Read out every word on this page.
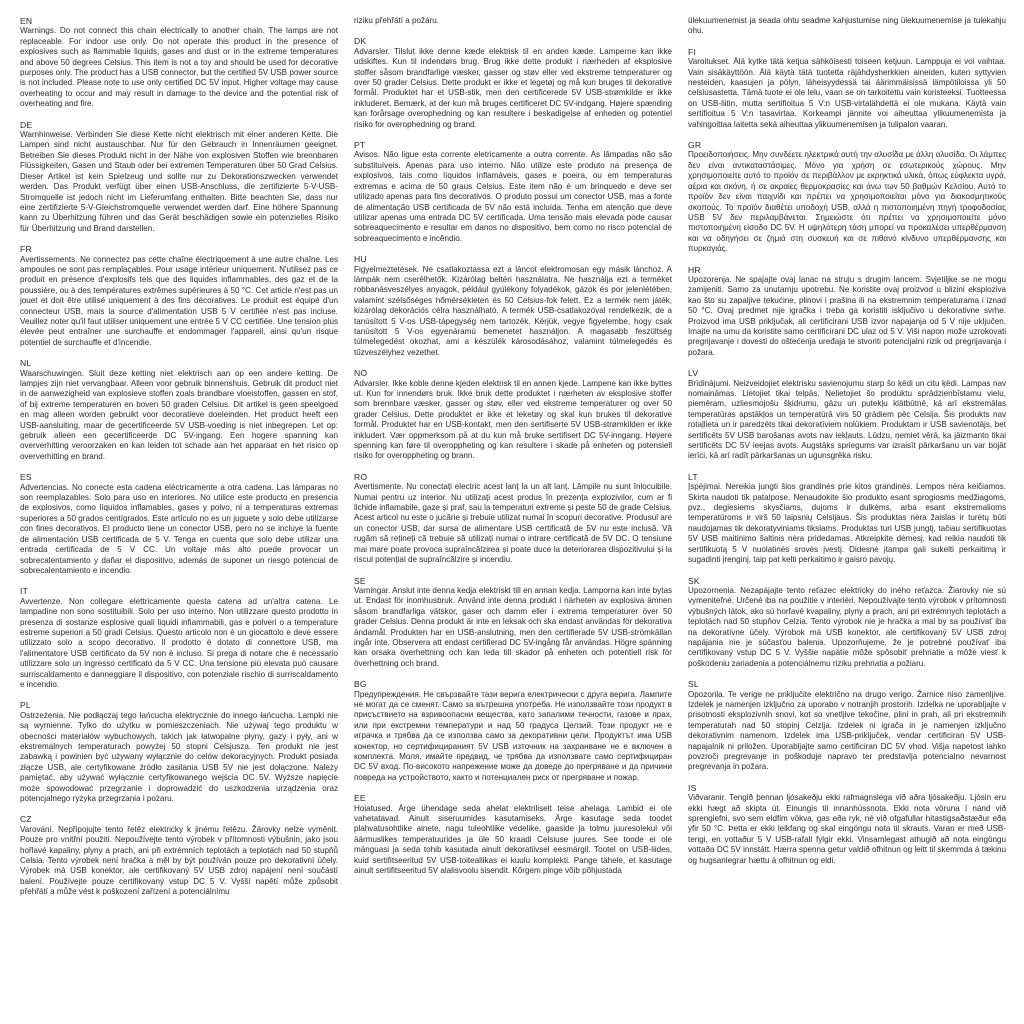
EN

Warnings. Do not connect this chain electrically to another chain. The lamps are not replaceable. For indoor use only. Do not operate this product in the presence of explosives such as flammable liquids, gases and dust or in the extreme temperatures and above 50 degrees Celsius. This item is not a toy and should be used for decorative purposes only. The product has a USB connector, but the certified 5V USB power source is not included. Please note to use only certified DC 5V input. Higher voltage may cause overheating to occur and may result in damage to the device and the potential risk of overheating and fire.

DE

Warnhinweise. Verbinden Sie diese Kette nicht elektrisch mit einer anderen Kette. Die Lampen sind nicht austauschbar. Nur für den Gebrauch in Innenräumen geeignet. Betreiben Sie dieses Produkt nicht in der Nähe von explosiven Stoffen wie brennbaren Flüssigkeiten, Gasen und Staub oder bei extremen Temperaturen über 50 Grad Celsius. Dieser Artikel ist kein Spielzeug und sollte nur zu Dekorationszwecken verwendet werden. Das Produkt verfügt über einen USB-Anschluss, die zertifizierte 5-V-USB-Stromquelle ist jedoch nicht im Lieferumfang enthalten. Bitte beachten Sie, dass nur eine zertifizierte 5-V-Gleichstromquelle verwendet werden darf. Eine höhere Spannung kann zu Überhitzung führen und das Gerät beschädigen sowie ein potenzielles Risiko für Überhitzung und Brand darstellen.

FR

Avertissements. Ne connectez pas cette chaîne électriquement à une autre chaîne. Les ampoules ne sont pas remplaçables. Pour usage intérieur uniquement. N'utilisez pas ce produit en présence d'explosifs tels que des liquides inflammables, des gaz et de la poussière, ou à des températures extrêmes supérieures à 50 °C. Cet article n'est pas un jouet et doit être utilisé uniquement à des fins décoratives. Le produit est équipé d'un connecteur USB, mais la source d'alimentation USB 5 V certifiée n'est pas incluse. Veuillez noter qu'il faut utiliser uniquement une entrée 5 V CC certifiée. Une tension plus élevée peut entraîner une surchauffe et endommager l'appareil, ainsi qu'un risque potentiel de surchauffe et d'incendie.

NL

Waarschuwingen. Sluit deze ketting niet elektrisch aan op een andere ketting. De lampjes zijn niet vervangbaar. Alleen voor gebruik binnenshuis. Gebruik dit product niet in de aanwezigheid van explosieve stoffen zoals brandbare vloeistoffen, gassen en stof, of bij extreme temperaturen en boven 50 graden Celsius. Dit artikel is geen speelgoed en mag alleen worden gebruikt voor decoratieve doeleinden. Het product heeft een USB-aansluiting, maar de gecertificeerde 5V USB-voeding is niet inbegrepen. Let op: gebruik alleen een gecertificeerde DC 5V-ingang. Een hogere spanning kan oververhitting veroorzaken en kan leiden tot schade aan het apparaat en het risico op oververhitting en brand.

ES

Advertencias. No conecte esta cadena eléctricamente a otra cadena. Las lámparas no son reemplazables. Solo para uso en interiores. No utilice este producto en presencia de explosivos, como líquidos inflamables, gases y polvo, ni a temperaturas extremas superiores a 50 grados centígrados. Este artículo no es un juguete y solo debe utilizarse con fines decorativos. El producto tiene un conector USB, pero no se incluye la fuente de alimentación USB certificada de 5 V. Tenga en cuenta que solo debe utilizar una entrada certificada de 5 V CC. Un voltaje más alto puede provocar un sobrecalentamiento y dañar el dispositivo, además de suponer un riesgo potencial de sobrecalentamiento e incendio.

IT

Avvertenze. Non collegare elettricamente questa catena ad un'altra catena. Le lampadine non sono sostituibili. Solo per uso interno. Non utilizzare questo prodotto in presenza di sostanze esplosive quali liquidi infiammabili, gas e polveri o a temperature estreme superiori a 50 gradi Celsius. Questo articolo non è un giocattolo e deve essere utilizzato solo a scopo decorativo. Il prodotto è dotato di connettore USB, ma l'alimentatore USB certificato da 5V non è incluso. Si prega di notare che è necessario utilizzare solo un ingresso certificato da 5 V CC. Una tensione più elevata può causare surriscaldamento e danneggiare il dispositivo, con potenziale rischio di surriscaldamento e incendio.

PL

Ostrzeżenia. Nie podłączaj tego łańcucha elektrycznie do innego łańcucha. Lampki nie są wymienne. Tylko do użytku w pomieszczeniach. Nie używaj tego produktu w obecności materiałów wybuchowych, takich jak łatwopalne płyny, gazy i pyły, ani w ekstremalnych temperaturach powyżej 50 stopni Celsjusza. Ten produkt nie jest zabawką i powinien być używany wyłącznie do celów dekoracyjnych. Produkt posiada złącze USB, ale certyfikowane źródło zasilania USB 5V nie jest dołączone. Należy pamiętać, aby używać wyłącznie certyfikowanego wejścia DC 5V. Wyższe napięcie może spowodować przegrzanie i doprowadzić do uszkodzenia urządzenia oraz potencjalnego ryzyka przegrzania i pożaru.

CZ

Varování. Nepřipojujte tento řetěz elektricky k jinému řetězu. Žárovky nelze vyměnit. Pouze pro vnitřní použití. Nepoužívejte tento výrobek v přítomnosti výbušnin, jako jsou hořlavé kapaliny, plyny a prach, ani při extrémních teplotách a teplotách nad 50 stupňů Celsia. Tento výrobek není hračka a měl by být používán pouze pro dekorativní účely. Výrobek má USB konektor, ale certifikovaný 5V USB zdroj napájení není součástí balení. Používejte pouze certifikovaný vstup DC 5 V. Vyšší napětí může způsobit přehřátí a může vést k poškození zařízení a potenciálnímu

riziku přehřátí a požáru.

DK

Advarsler. Tilslut ikke denne kæde elektrisk til en anden kæde. Lamperne kan ikke udskiftes. Kun til indendørs brug. Brug ikke dette produkt i nærheden af eksplosive stoffer såsom brandfarlige væsker, gasser og støv eller ved ekstreme temperaturer og over 50 grader Celsius. Dette produkt er ikke et legetøj og må kun bruges til dekorative formål. Produktet har et USB-stik, men den certificerede 5V USB-strømkilde er ikke inkluderet. Bemærk, at der kun må bruges certificeret DC 5V-indgang. Højere spænding kan forårsage overophedning og kan resultere i beskadigelse af enheden og potentiel risiko for overophedning og brand.

PT

Avisos. Não ligue esta corrente eletricamente a outra corrente. As lâmpadas não são substituíveis. Apenas para uso interno. Não utilize este produto na presença de explosivos, tais como líquidos inflamáveis, gases e poeira, ou em temperaturas extremas e acima de 50 graus Celsius. Este item não é um brinquedo e deve ser utilizado apenas para fins decorativos. O produto possui um conector USB, mas a fonte de alimentação USB certificada de 5V não está incluída. Tenha em atenção que deve utilizar apenas uma entrada DC 5V certificada. Uma tensão mais elevada pode causar sobreaquecimento e resultar em danos no dispositivo, bem como no risco potencial de sobreaquecimento e incêndio.

HU

Figyelmeztetések. Ne csatlakoztassa ezt a láncot elektromosan egy másik lánchoz. A lámpák nem cserélhetők. Kizárólag beltéri használatra. Ne használja ezt a terméket robbanásveszélyes anyagok, például gyúlékony folyadékok, gázok és por jelenlétében, valamint szélsőséges hőmérsékleten és 50 Celsius-fok felett. Ez a termék nem játék, kizárólag dekorációs célra használható. A termék USB-csatlakozóval rendelkezik, de a tanúsított 5 V-os USB-tápegység nem tartozék. Kérjük, vegye figyelembe, hogy csak tanúsított 5 V-os egyenáramú bemenetet használjon. A magasabb feszültség túlmelegedést okozhat, ami a készülék károsodásához, valamint túlmelegedés és tűzveszélyhez vezethet.

NO

Advarsler. Ikke koble denne kjeden elektrisk til en annen kjede. Lampene kan ikke byttes ut. Kun for innendørs bruk. Ikke bruk dette produktet i nærheten av eksplosive stoffer som brennbare væsker, gasser og støv, eller ved ekstreme temperaturer og over 50 grader Celsius. Dette produktet er ikke et leketøy og skal kun brukes til dekorative formål. Produktet har en USB-kontakt, men den sertifiserte 5V USB-strømkilden er ikke inkludert. Vær oppmerksom på at du kun må bruke sertifisert DC 5V-inngang. Høyere spenning kan føre til overoppheting og kan resultere i skade på enheten og potensiell risiko for overoppheting og brann.

RO

Avertismente. Nu conectați electric acest lanț la un alt lanț. Lămpile nu sunt înlocuibile. Numai pentru uz interior. Nu utilizați acest produs în prezența explozivilor, cum ar fi lichide inflamabile, gaze și praf, sau la temperaturi extreme și peste 50 de grade Celsius. Acest articol nu este o jucărie și trebuie utilizat numai în scopuri decorative. Produsul are un conector USB, dar sursa de alimentare USB certificată de 5V nu este inclusă. Vă rugăm să rețineți că trebuie să utilizați numai o intrare certificată de 5V DC. O tensiune mai mare poate provoca supraîncălzirea și poate duce la deteriorarea dispozitivului și la riscul potențial de supraîncălzire și incendiu.

SE

Varningar. Anslut inte denna kedja elektriskt till en annan kedja. Lamporna kan inte bytas ut. Endast för inomhusbruk. Använd inte denna produkt i närheten av explosiva ämnen såsom brandfarliga vätskor, gaser och damm eller i extrema temperaturer över 50 grader Celsius. Denna produkt är inte en leksak och ska endast användas för dekorativa ändamål. Produkten har en USB-anslutning, men den certifierade 5V USB-strömkällan ingår inte. Observera att endast certifierad DC 5V-ingång får användas. Högre spänning kan orsaka överhettning och kan leda till skador på enheten och potentiell risk för överhettning och brand.

BG

Предупреждения. Не свързвайте тази верига електрически с друга верига. Лампите не могат да се сменят. Само за вътрешна употреба. Не използвайте този продукт в присъствието на взривоопасни вещества, като запалими течности, газове и прах, или при екстремни температури и над 50 градуса Целзий. Този продукт не е играчка и трябва да се използва само за декоративни цели. Продуктът има USB конектор, но сертифицираният 5V USB източник на захранване не е включен в комплекта. Моля, имайте предвид, че трябва да използвате само сертифициран DC 5V вход. По-високото напрежение може да доведе до прегряване и да причини повреда на устройството, както и потенциален риск от прегряване и пожар.

EE

Hoiatused. Ärge ühendage seda ahelat elektriliselt teise ahelaga. Lambid ei ole vahetatavad. Ainult siseruumides kasutamiseks. Ärge kasutage seda toodet plahvatusohtlike ainete, nagu tuleohtlike vedelike, gaaside ja tolmu juuresolekul või äärmuslikes temperatuurides ja üle 50 kraadi Celsiuse juures. See toode ei ole mänguasi ja seda tohib kasutada ainult dekoratiivsel eesmärgil. Tootel on USB-liides, kuid sertifitseeritud 5V USB-toiteallikas ei kuulu komplekti. Pange tähele, et kasutage ainult sertifitseeritud 5V alalisvoolu sisendit. Kõrgem pinge võib põhjustada

ülekuumenemist ja seada ohtu seadme kahjustumise ning ülekuumenemise ja tulekahju ohu.

FI

Varoitukset. Älä kytke tätä ketjua sähköisesti toiseen ketjuun. Lamppuja ei voi vaihtaa. Vain sisäkäyttöön. Älä käytä tätä tuotetta räjähdysherkkien aineiden, kuten syttyvien nesteiden, kaasujen ja pölyn, läheisyydessä tai äärimmäisissä lämpötiloissa yli 50 celsiusastetta. Tämä tuote ei ole lelu, vaan se on tarkoitettu vain koristeeksi. Tuotteessa on USB-liitin, mutta sertifioitua 5 V:n USB-virtalähdettä ei ole mukana. Käytä vain sertifioitua 5 V:n tasavirtaa. Korkeampi jännite voi aiheuttaa ylikuumenemista ja vahingoittaa laitetta sekä aiheuttaa ylikuumenemisen ja tulipalon vaaran.

GR

Προειδοποιήσεις. Μην συνδέετε ηλεκτρικά αυτή την αλυσίδα με άλλη αλυσίδα. Οι λάμπες δεν είναι αντικαταστάσιμες. Μόνο για χρήση σε εσωτερικούς χώρους. Μην χρησιμοποιείτε αυτό το προϊόν σε περιβάλλον με εκρηκτικά υλικά, όπως εύφλεκτα υγρά, αέρια και σκόνη, ή σε ακραίες θερμοκρασίες και άνω των 50 βαθμών Κελσίου. Αυτό το προϊόν δεν είναι παιχνίδι και πρέπει να χρησιμοποιείται μόνο για διακοσμητικούς σκοπούς. Το προϊόν διαθέτει υποδοχή USB, αλλά η πιστοποιημένη πηγή τροφοδοσίας USB 5V δεν περιλαμβάνεται. Σημειώστε ότι πρέπει να χρησιμοποιείτε μόνο πιστοποιημένη είσοδο DC 5V. Η υψηλότερη τάση μπορεί να προκαλέσει υπερθέρμανση και να οδηγήσει σε ζημιά στη συσκευή και σε πιθανό κίνδυνο υπερθέρμανσης και πυρκαγιάς.

HR

Upozorenja. Ne spajajte ovaj lanac na struju s drugim lancem. Svjetiljke se ne mogu zamijeniti. Samo za unutarnju upotrebu. Ne koristite ovaj proizvod u blizini eksploziva kao što su zapaljive tekućine, plinovi i prašina ili na ekstremnim temperaturama i iznad 50 °C. Ovaj predmet nije igračka i treba ga koristiti isključivo u dekorativne svrhe. Proizvod ima USB priključak, ali certificirani USB izvor napajanja od 5 V nije uključen. Imajte na umu da koristite samo certificirani DC ulaz od 5 V. Viši napon može uzrokovati pregrijavanje i dovesti do oštećenja uređaja te stvoriti potencijalni rizik od pregrijavanja i požara.

LV

Brīdinājumi. Neizveidojiet elektrisku savienojumu starp šo ķēdi un citu ķēdi. Lampas nav nomaināmas. Lietojiet tikai telpās. Nelietojiet šo produktu sprādzienbīstamu vielu, piemēram, uzliesmojošu šķidrumu, gāzu un putekļu klātbūtnē, kā arī ekstremālas temperatūras apstākļos un temperatūrā virs 50 grādiem pēc Celsija. Šis produkts nav rotaļlieta un ir paredzēts tikai dekoratīviem nolūkiem. Produktam ir USB savienotājs, bet sertificēts 5V USB barošanas avots nav iekļauts. Lūdzu, ņemiet vērā, ka jāizmanto tikai sertificēts DC 5V ieejas avots. Augstāks spriegums var izraisīt pārkaršanu un var bojāt ierīci, kā arī radīt pārkaršanas un ugunsgrēka risku.

LT

Įspėjimai. Nereikia jungti šios grandinės prie kitos grandinės. Lempos nėra keičiamos. Skirta naudoti tik patalpose. Nenaudokite šio produkto esant sprogiosms medžiagoms, pvz., degiesiems skysčiams, dujoms ir dulkėms, arba esant ekstremalioms temperatūroms ir virš 50 laipsnių Celsijaus. Šis produktas nėra žaislas ir turėtų būti naudojamas tik dekoratyviniams tikslams. Produktas turi USB jungtį, tačiau sertifikuotas 5V USB maitinimo šaltinis nėra pridedamas. Atkreipkite dėmesį, kad reikia naudoti tik sertifikuotą 5 V nuolatinės srovės įvestį. Didesnė įtampa gali sukelti perkaitimą ir sugadinti įrenginį, taip pat kelti perkaitimo ir gaisro pavojų.

SK

Upozornenia. Nezapájajte tento reťazec elektricky do iného reťazca. Žiarovky nie sú vymeniteľné. Určené iba na použitie v interiéri. Nepoužívajte tento výrobok v prítomnosti výbušných látok, ako sú horľavé kvapaliny, plyny a prach, ani pri extrémnych teplotách a teplotách nad 50 stupňov Celzia. Tento výrobok nie je hračka a mal by sa používať iba na dekoratívne účely. Výrobok má USB konektor, ale certifikovaný 5V USB zdroj napájania nie je súčasťou balenia. Upozorňujeme, že je potrebné používať iba certifikovaný vstup DC 5 V. Vyššie napätie môže spôsobiť prehriatie a môže viesť k poškodeniu zariadenia a potenciálnemu riziku prehriatia a požiaru.

SL

Opozorila. Te verige ne priključite električno na drugo verigo. Žarnice niso zamenljive. Izdelek je namenjen izključno za uporabo v notranjih prostorih. Izdelka ne uporabljajte v prisotnosti eksplozivnih snovi, kot so vnetljive tekočine, plini in prah, ali pri ekstremnih temperaturah nad 50 stopinj Celzija. Izdelek ni igrača in je namenjen izključno dekorativnim namenom. Izdelek ima USB-priključek, vendar certificiran 5V USB-napajalnik ni priložen. Uporabljajte samo certificiran DC 5V vhod. Višja napetost lahko povzroči pregrevanje in poškoduje napravo ter predstavlja potencialno nevarnost pregrevanja in požara.

IS

Viðvaranir. Tengið þennan ljósakeðju ekki rafmagnslega við aðra ljósakeðju. Ljósin eru ekki hægt að skipta út. Einungis til innanhússnota. Ekki nota vöruna í nánd við sprengiefni, svo sem eldfim vökva, gas eða ryk, né við ofgafullar hitastigsaðstæður eða yfir 50 °C. Þetta er ekki leikfang og skal eingöngu nota til skrauts. Varan er með USB-tengi, en vottaður 5 V USB-rafall fylgir ekki. Vinsamlegast athugið að nota eingöngu vottaða DC 5V innstátt. Hærra spenna getur valdið ofhitnun og leitt til skemmda á tækinu og hugsanlegrar hættu á ofhitnun og eldi.
